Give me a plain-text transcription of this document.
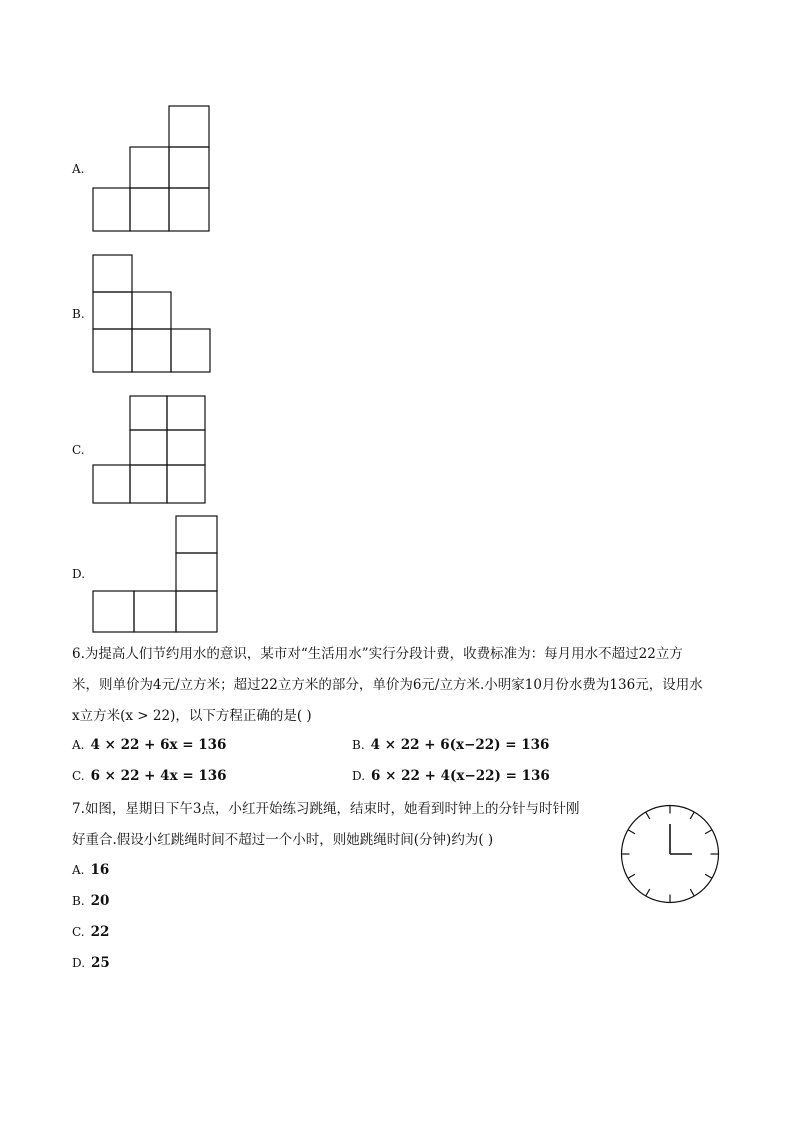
A.
B.
C.
D.
6.为提高人们节约用水的意识，某市对“生活用水”实行分段计费，收费标准为：每月用水不超过22立方
米，则单价为4元/立方米；超过22立方米的部分，单价为6元/立方米.小明家10月份水费为136元，设用水
x立方米(x > 22)，以下方程正确的是( )
A. 4 × 22 + 6x = 136	B. 4 × 22 + 6(x−22) = 136
C. 6 × 22 + 4x = 136	D. 6 × 22 + 4(x−22) = 136
7.如图，星期日下午3点，小红开始练习跳绳，结束时，她看到时钟上的分针与时针刚
好重合.假设小红跳绳时间不超过一个小时，则她跳绳时间(分钟)约为( )
A. 16
B. 20
C. 22
D. 25
